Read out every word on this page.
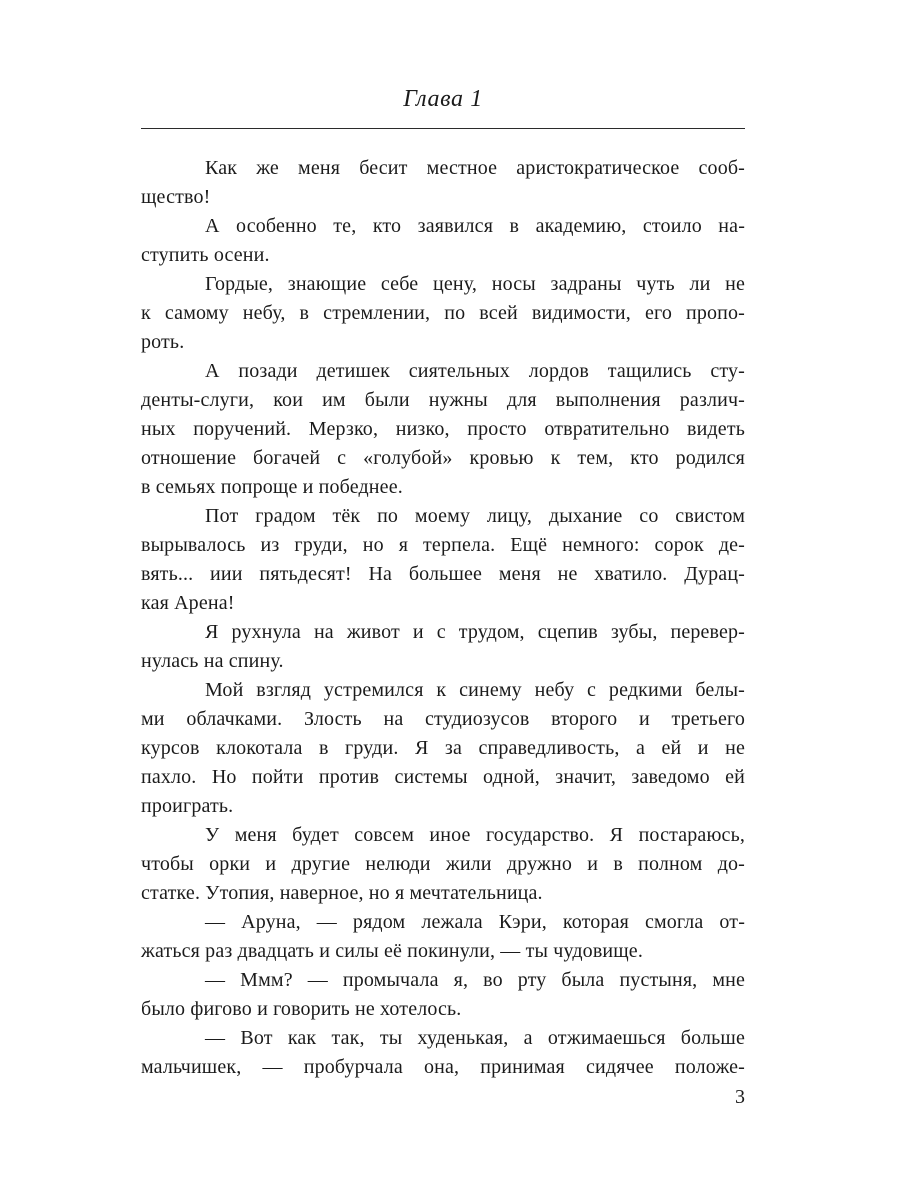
Глава 1
Как же меня бесит местное аристократическое сооб-
щество!
А особенно те, кто заявился в академию, стоило на-
ступить осени.
Гордые, знающие себе цену, носы задраны чуть ли не
к самому небу, в стремлении, по всей видимости, его пропо-
роть.
А позади детишек сиятельных лордов тащились сту-
денты-слуги, кои им были нужны для выполнения различ-
ных поручений. Мерзко, низко, просто отвратительно видеть
отношение богачей с «голубой» кровью к тем, кто родился
в семьях попроще и победнее.
Пот градом тёк по моему лицу, дыхание со свистом
вырывалось из груди, но я терпела. Ещё немного: сорок де-
вять... иии пятьдесят! На большее меня не хватило. Дурац-
кая Арена!
Я рухнула на живот и с трудом, сцепив зубы, перевер-
нулась на спину.
Мой взгляд устремился к синему небу с редкими белы-
ми облачками. Злость на студиозусов второго и третьего
курсов клокотала в груди. Я за справедливость, а ей и не
пахло. Но пойти против системы одной, значит, заведомо ей
проиграть.
У меня будет совсем иное государство. Я постараюсь,
чтобы орки и другие нелюди жили дружно и в полном до-
статке. Утопия, наверное, но я мечтательница.
— Аруна, — рядом лежала Кэри, которая смогла от-
жаться раз двадцать и силы её покинули, — ты чудовище.
— Ммм? — промычала я, во рту была пустыня, мне
было фигово и говорить не хотелось.
— Вот как так, ты худенькая, а отжимаешься больше
мальчишек, — пробурчала она, принимая сидячее положе-
3
